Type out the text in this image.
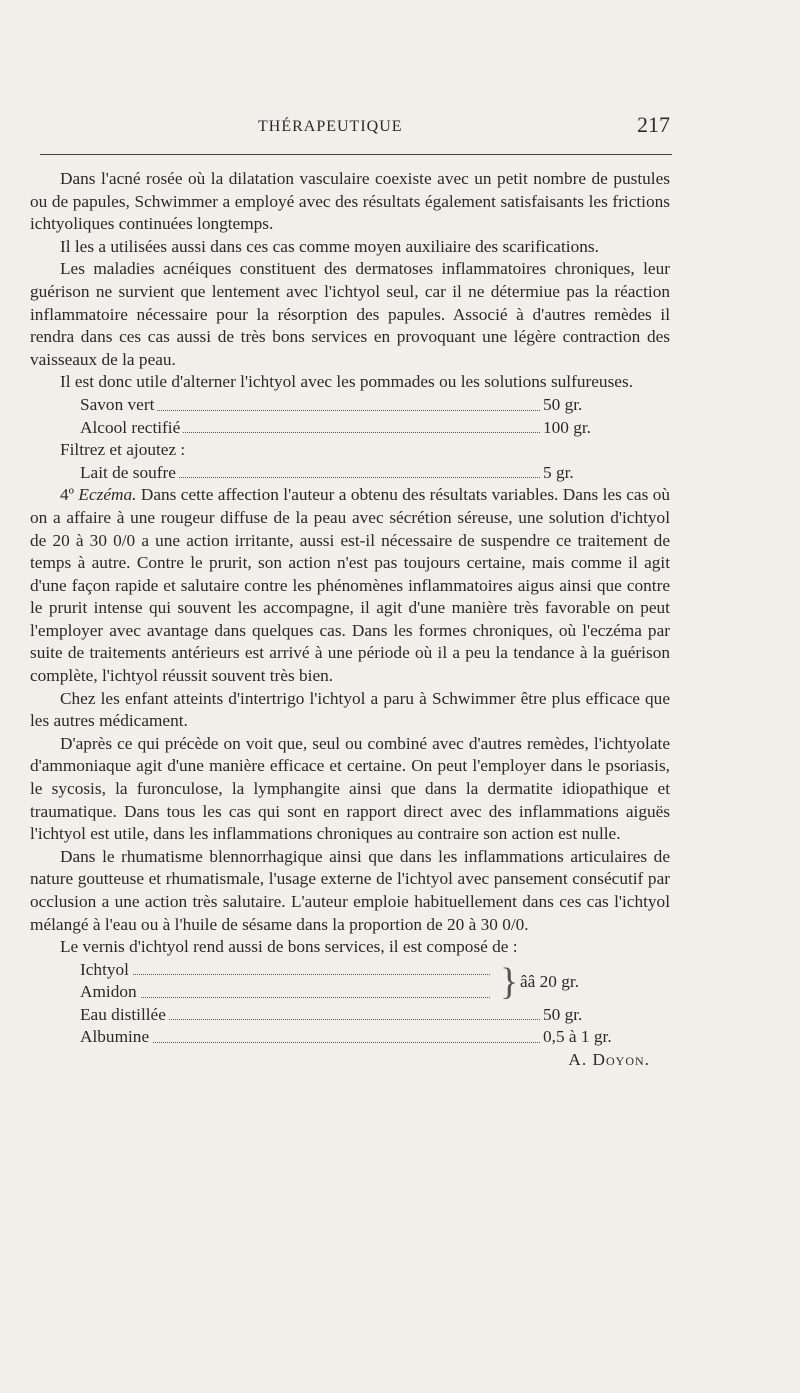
THÉRAPEUTIQUE	217

Dans l'acné rosée où la dilatation vasculaire coexiste avec un petit nombre de pustules ou de papules, Schwimmer a employé avec des résultats également satisfaisants les frictions ichtyoliques continuées longtemps.

Il les a utilisées aussi dans ces cas comme moyen auxiliaire des scarifications.

Les maladies acnéiques constituent des dermatoses inflammatoires chroniques, leur guérison ne survient que lentement avec l'ichtyol seul, car il ne détermiue pas la réaction inflammatoire nécessaire pour la résorption des papules. Associé à d'autres remèdes il rendra dans ces cas aussi de très bons services en provoquant une légère contraction des vaisseaux de la peau.

Il est donc utile d'alterner l'ichtyol avec les pommades ou les solutions sulfureuses.

Savon vert	50 gr.
Alcool rectifié	100 gr.

Filtrez et ajoutez :

Lait de soufre	5 gr.

4º Eczéma. Dans cette affection l'auteur a obtenu des résultats variables. Dans les cas où on a affaire à une rougeur diffuse de la peau avec sécrétion séreuse, une solution d'ichtyol de 20 à 30 0/0 a une action irritante, aussi est-il nécessaire de suspendre ce traitement de temps à autre. Contre le prurit, son action n'est pas toujours certaine, mais comme il agit d'une façon rapide et salutaire contre les phénomènes inflammatoires aigus ainsi que contre le prurit intense qui souvent les accompagne, il agit d'une manière très favorable on peut l'employer avec avantage dans quelques cas. Dans les formes chroniques, où l'eczéma par suite de traitements antérieurs est arrivé à une période où il a peu la tendance à la guérison complète, l'ichtyol réussit souvent très bien.

Chez les enfant atteints d'intertrigo l'ichtyol a paru à Schwimmer être plus efficace que les autres médicament.

D'après ce qui précède on voit que, seul ou combiné avec d'autres remèdes, l'ichtyolate d'ammoniaque agit d'une manière efficace et certaine. On peut l'employer dans le psoriasis, le sycosis, la furonculose, la lymphangite ainsi que dans la dermatite idiopathique et traumatique. Dans tous les cas qui sont en rapport direct avec des inflammations aiguës l'ichtyol est utile, dans les inflammations chroniques au contraire son action est nulle.

Dans le rhumatisme blennorrhagique ainsi que dans les inflammations articulaires de nature goutteuse et rhumatismale, l'usage externe de l'ichtyol avec pansement consécutif par occlusion a une action très salutaire. L'auteur emploie habituellement dans ces cas l'ichtyol mélangé à l'eau ou à l'huile de sésame dans la proportion de 20 à 30 0/0.

Le vernis d'ichtyol rend aussi de bons services, il est composé de :

Ichtyol
Amidon	} ââ 20 gr.
Eau distillée	50 gr.
Albumine	0,5 à 1 gr.
A. Doyon.
